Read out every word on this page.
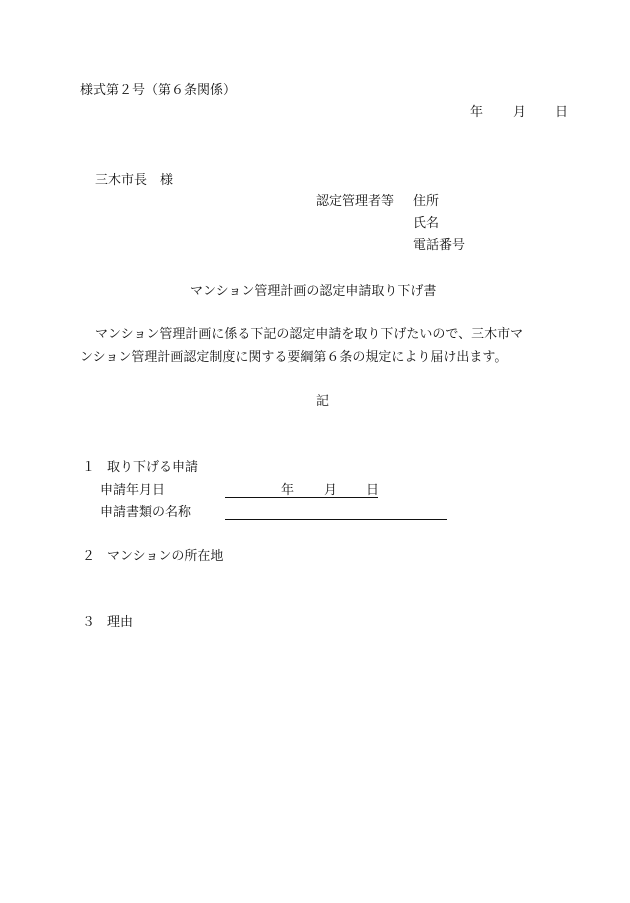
様式第２号（第６条関係）
年 月 日
三木市長　様
認定管理者等 住所
氏名
電話番号
マンション管理計画の認定申請取り下げ書
マンション管理計画に係る下記の認定申請を取り下げたいので、三木市マ
ンション管理計画認定制度に関する要綱第６条の規定により届け出ます。
記
１ 取り下げる申請
申請年月日	年 月 日
申請書類の名称
２ マンションの所在地
３ 理由
